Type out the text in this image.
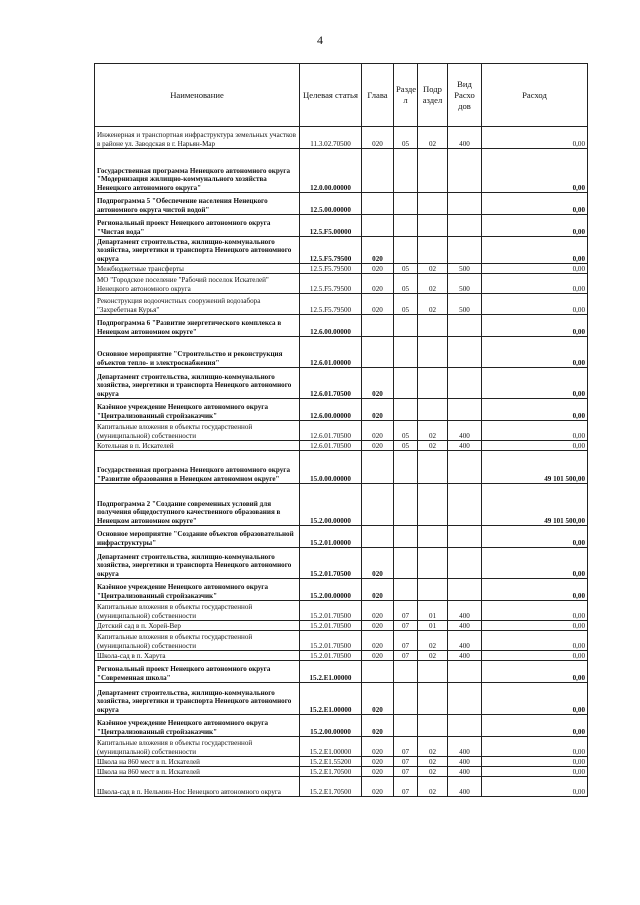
4
Наименование	Целевая статья	Глава	Разде л	Подр аздел	Вид Расхо дов	Расход
Инженерная и транспортная инфраструктура земельных участков в районе ул. Заводская в г. Нарьян-Мар	11.3.02.70500	020	05	02	400	0,00
Государственная программа Ненецкого автономного округа "Модернизация жилищно-коммунального хозяйства Ненецкого автономного округа"	12.0.00.00000					0,00
Подпрограмма 5 "Обеспечение населения Ненецкого автономного округа чистой водой"	12.5.00.00000					0,00
Региональный проект Ненецкого автономного округа "Чистая вода"	12.5.F5.00000					0,00
Департамент строительства, жилищно-коммунального хозяйства, энергетики и транспорта Ненецкого автономного округа	12.5.F5.79500	020				0,00
Межбюджетные трансферты	12.5.F5.79500	020	05	02	500	0,00
МО "Городское поселение "Рабочий поселок Искателей" Ненецкого автономного округа	12.5.F5.79500	020	05	02	500	0,00
Реконструкция водоочистных сооружений водозабора "Захребетная Курья"	12.5.F5.79500	020	05	02	500	0,00
Подпрограмма 6 "Развитие энергетического комплекса в Ненецком автономном округе"	12.6.00.00000					0,00
Основное мероприятие "Строительство и реконструкция объектов тепло- и электроснабжения"	12.6.01.00000					0,00
Департамент строительства, жилищно-коммунального хозяйства, энергетики и транспорта Ненецкого автономного округа	12.6.01.70500	020				0,00
Казённое учреждение Ненецкого автономного округа "Централизованный стройзаказчик"	12.6.00.00000	020				0,00
Капитальные вложения в объекты государственной (муниципальной) собственности	12.6.01.70500	020	05	02	400	0,00
Котельная в п. Искателей	12.6.01.70500	020	05	02	400	0,00
Государственная программа Ненецкого автономного округа "Развитие образования в Ненецком автономном округе"	15.0.00.00000					49 101 500,00
Подпрограмма 2 "Создание современных условий для получения общедоступного качественного образования в Ненецком автономном округе"	15.2.00.00000					49 101 500,00
Основное мероприятие "Создание объектов образовательной инфраструктуры"	15.2.01.00000					0,00
Департамент строительства, жилищно-коммунального хозяйства, энергетики и транспорта Ненецкого автономного округа	15.2.01.70500	020				0,00
Казённое учреждение Ненецкого автономного округа "Централизованный стройзаказчик"	15.2.00.00000	020				0,00
Капитальные вложения в объекты государственной (муниципальной) собственности	15.2.01.70500	020	07	01	400	0,00
Детский сад в п. Хорей-Вер	15.2.01.70500	020	07	01	400	0,00
Капитальные вложения в объекты государственной (муниципальной) собственности	15.2.01.70500	020	07	02	400	0,00
Школа-сад в п. Харута	15.2.01.70500	020	07	02	400	0,00
Региональный проект Ненецкого автономного округа "Современная школа"	15.2.E1.00000					0,00
Департамент строительства, жилищно-коммунального хозяйства, энергетики и транспорта Ненецкого автономного округа	15.2.E1.00000	020				0,00
Казённое учреждение Ненецкого автономного округа "Централизованный стройзаказчик"	15.2.00.00000	020				0,00
Капитальные вложения в объекты государственной (муниципальной) собственности	15.2.E1.00000	020	07	02	400	0,00
Школа на 860 мест в п. Искателей	15.2.E1.55200	020	07	02	400	0,00
Школа на 860 мест в п. Искателей	15.2.E1.70500	020	07	02	400	0,00
Школа-сад в п. Нельмин-Нос Ненецкого автономного округа	15.2.E1.70500	020	07	02	400	0,00
